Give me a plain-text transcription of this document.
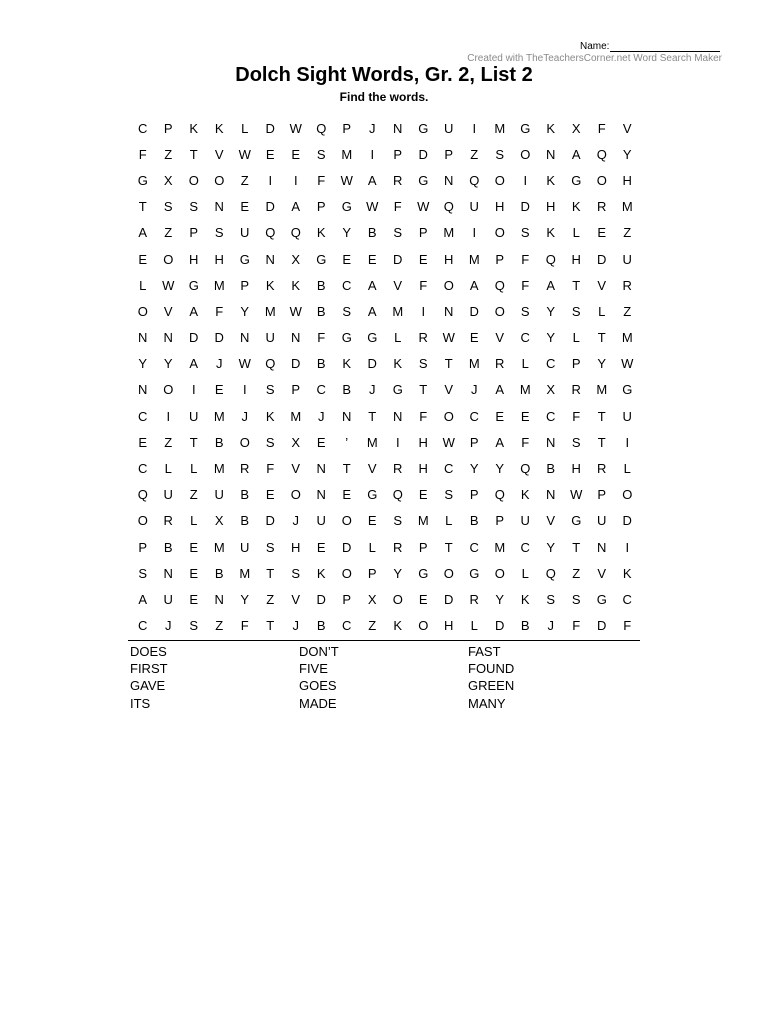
Name:
Created with TheTeachersCorner.net Word Search Maker
Dolch Sight Words, Gr. 2, List 2
Find the words.
C	P	K	K	L	D	W	Q	P	J	N	G	U	I	M	G	K	X	F	V
F	Z	T	V	W	E	E	S	M	I	P	D	P	Z	S	O	N	A	Q	Y
G	X	O	O	Z	I	I	F	W	A	R	G	N	Q	O	I	K	G	O	H
T	S	S	N	E	D	A	P	G	W	F	W	Q	U	H	D	H	K	R	M
A	Z	P	S	U	Q	Q	K	Y	B	S	P	M	I	O	S	K	L	E	Z
E	O	H	H	G	N	X	G	E	E	D	E	H	M	P	F	Q	H	D	U
L	W	G	M	P	K	K	B	C	A	V	F	O	A	Q	F	A	T	V	R
O	V	A	F	Y	M	W	B	S	A	M	I	N	D	O	S	Y	S	L	Z
N	N	D	D	N	U	N	F	G	G	L	R	W	E	V	C	Y	L	T	M
Y	Y	A	J	W	Q	D	B	K	D	K	S	T	M	R	L	C	P	Y	W
N	O	I	E	I	S	P	C	B	J	G	T	V	J	A	M	X	R	M	G
C	I	U	M	J	K	M	J	N	T	N	F	O	C	E	E	C	F	T	U
E	Z	T	B	O	S	X	E	’	M	I	H	W	P	A	F	N	S	T	I
C	L	L	M	R	F	V	N	T	V	R	H	C	Y	Y	Q	B	H	R	L
Q	U	Z	U	B	E	O	N	E	G	Q	E	S	P	Q	K	N	W	P	O
O	R	L	X	B	D	J	U	O	E	S	M	L	B	P	U	V	G	U	D
P	B	E	M	U	S	H	E	D	L	R	P	T	C	M	C	Y	T	N	I
S	N	E	B	M	T	S	K	O	P	Y	G	O	G	O	L	Q	Z	V	K
A	U	E	N	Y	Z	V	D	P	X	O	E	D	R	Y	K	S	S	G	C
C	J	S	Z	F	T	J	B	C	Z	K	O	H	L	D	B	J	F	D	F
DOES	DON’T	FAST
FIRST	FIVE	FOUND
GAVE	GOES	GREEN
ITS	MADE	MANY
